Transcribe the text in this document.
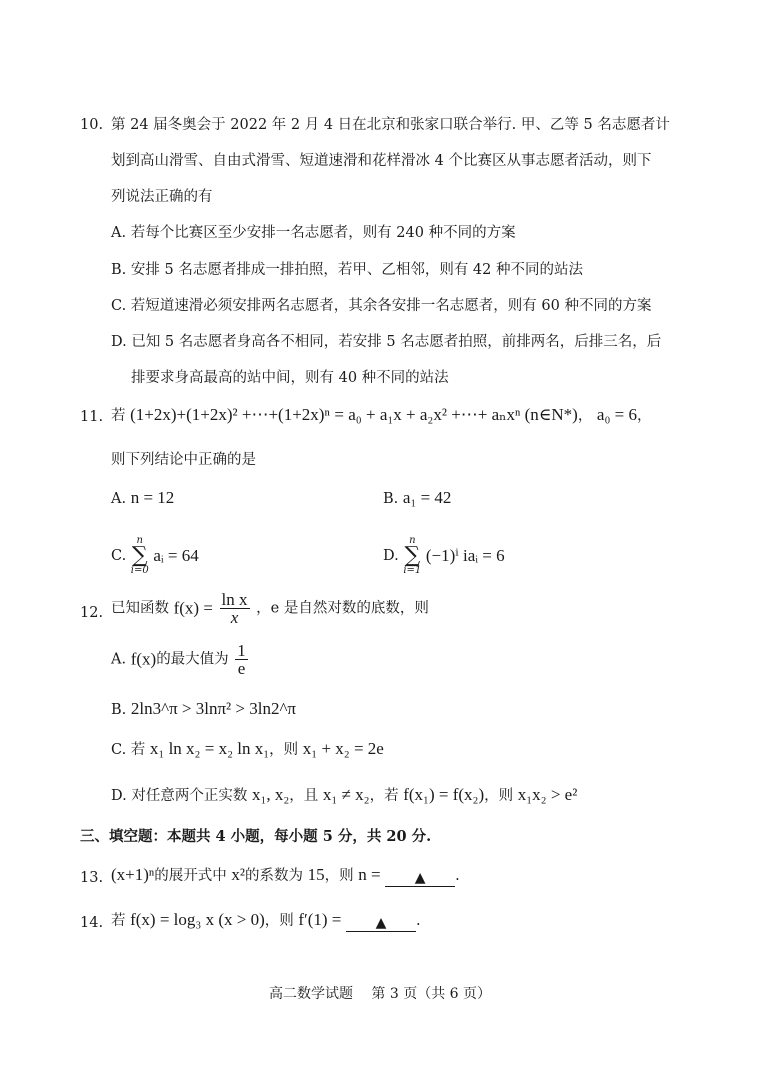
10. 第 24 届冬奥会于 2022 年 2 月 4 日在北京和张家口联合举行. 甲、乙等 5 名志愿者计
划到高山滑雪、自由式滑雪、短道速滑和花样滑冰 4 个比赛区从事志愿者活动，则下
列说法正确的有
A. 若每个比赛区至少安排一名志愿者，则有 240 种不同的方案
B. 安排 5 名志愿者排成一排拍照，若甲、乙相邻，则有 42 种不同的站法
C. 若短道速滑必须安排两名志愿者，其余各安排一名志愿者，则有 60 种不同的方案
D. 已知 5 名志愿者身高各不相同，若安排 5 名志愿者拍照，前排两名，后排三名，后
排要求身高最高的站中间，则有 40 种不同的站法
11. 若 (1+2x)+(1+2x)² +⋯+(1+2x)ⁿ = a₀ + a₁x + a₂x² +⋯+ aₙxⁿ (n∈N*)， a₀ = 6，
则下列结论中正确的是
A. n = 12	B. a₁ = 42
C.
n
∑
i=0
aᵢ = 64	D.
n
∑
i=1
(−1)ⁱ iaᵢ = 6
12. 已知函数 $f(x) = \frac{\text{ln x}}{x}$ ，e 是自然对数的底数，则
A. f(x)的最大值为 $\frac{1}{e}$
B. 2ln3^π > 3lnπ² > 3ln2^π
C. 若 x₁ ln x₂ = x₂ ln x₁，则 x₁ + x₂ = 2e
D. 对任意两个正实数 x₁, x₂，且 x₁ ≠ x₂，若 f(x₁) = f(x₂)，则 x₁x₂ > e²
三、填空题：本题共 4 小题，每小题 5 分，共 20 分.
13. (x+1)ⁿ的展开式中 x²的系数为 15，则 n = ▲ .
14. 若 f(x) = log₃ x (x > 0)，则 f′(1) = ▲ .
高二数学试题　 第 3 页（共 6 页）
